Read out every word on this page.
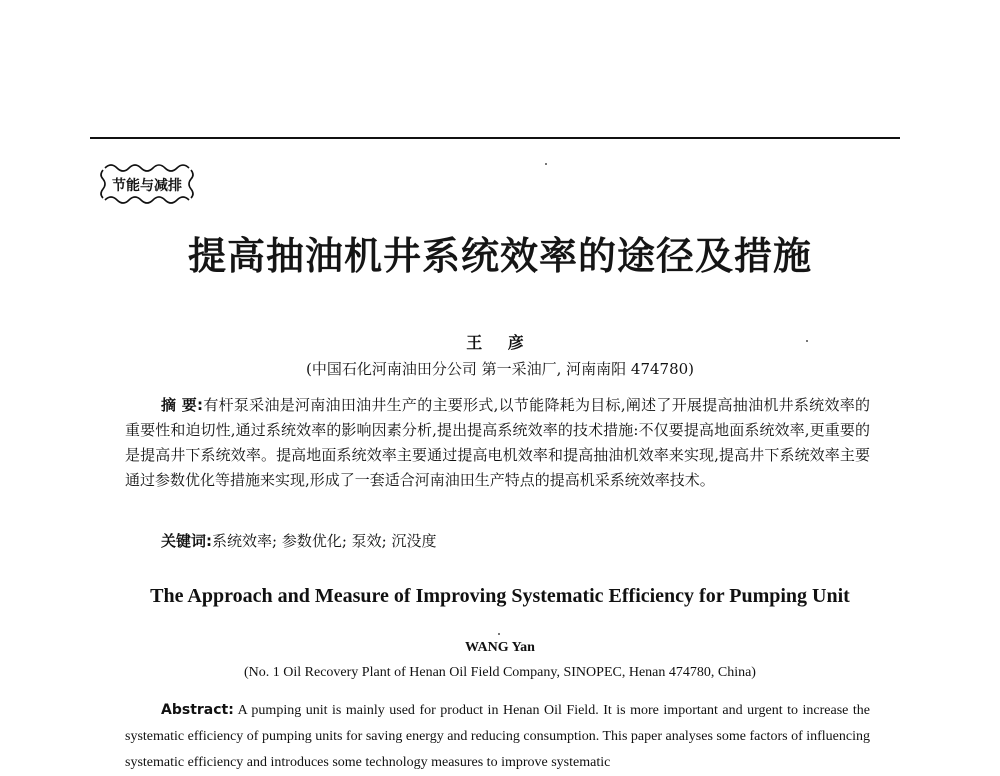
节能与减排
提高抽油机井系统效率的途径及措施
王 彦
(中国石化河南油田分公司 第一采油厂, 河南南阳 474780)
摘 要:有杆泵采油是河南油田油井生产的主要形式,以节能降耗为目标,阐述了开展提高抽油机井系统效率的重要性和迫切性,通过系统效率的影响因素分析,提出提高系统效率的技术措施:不仅要提高地面系统效率,更重要的是提高井下系统效率。提高地面系统效率主要通过提高电机效率和提高抽油机效率来实现,提高井下系统效率主要通过参数优化等措施来实现,形成了一套适合河南油田生产特点的提高机采系统效率技术。
关键词:系统效率; 参数优化; 泵效; 沉没度
The Approach and Measure of Improving Systematic Efficiency for Pumping Unit
WANG Yan
(No. 1 Oil Recovery Plant of Henan Oil Field Company, SINOPEC, Henan 474780, China)
Abstract: A pumping unit is mainly used for product in Henan Oil Field. It is more important and urgent to increase the systematic efficiency of pumping units for saving energy and reducing consumption. This paper analyses some factors of influencing systematic efficiency and introduces some technology measures to improve systematic
